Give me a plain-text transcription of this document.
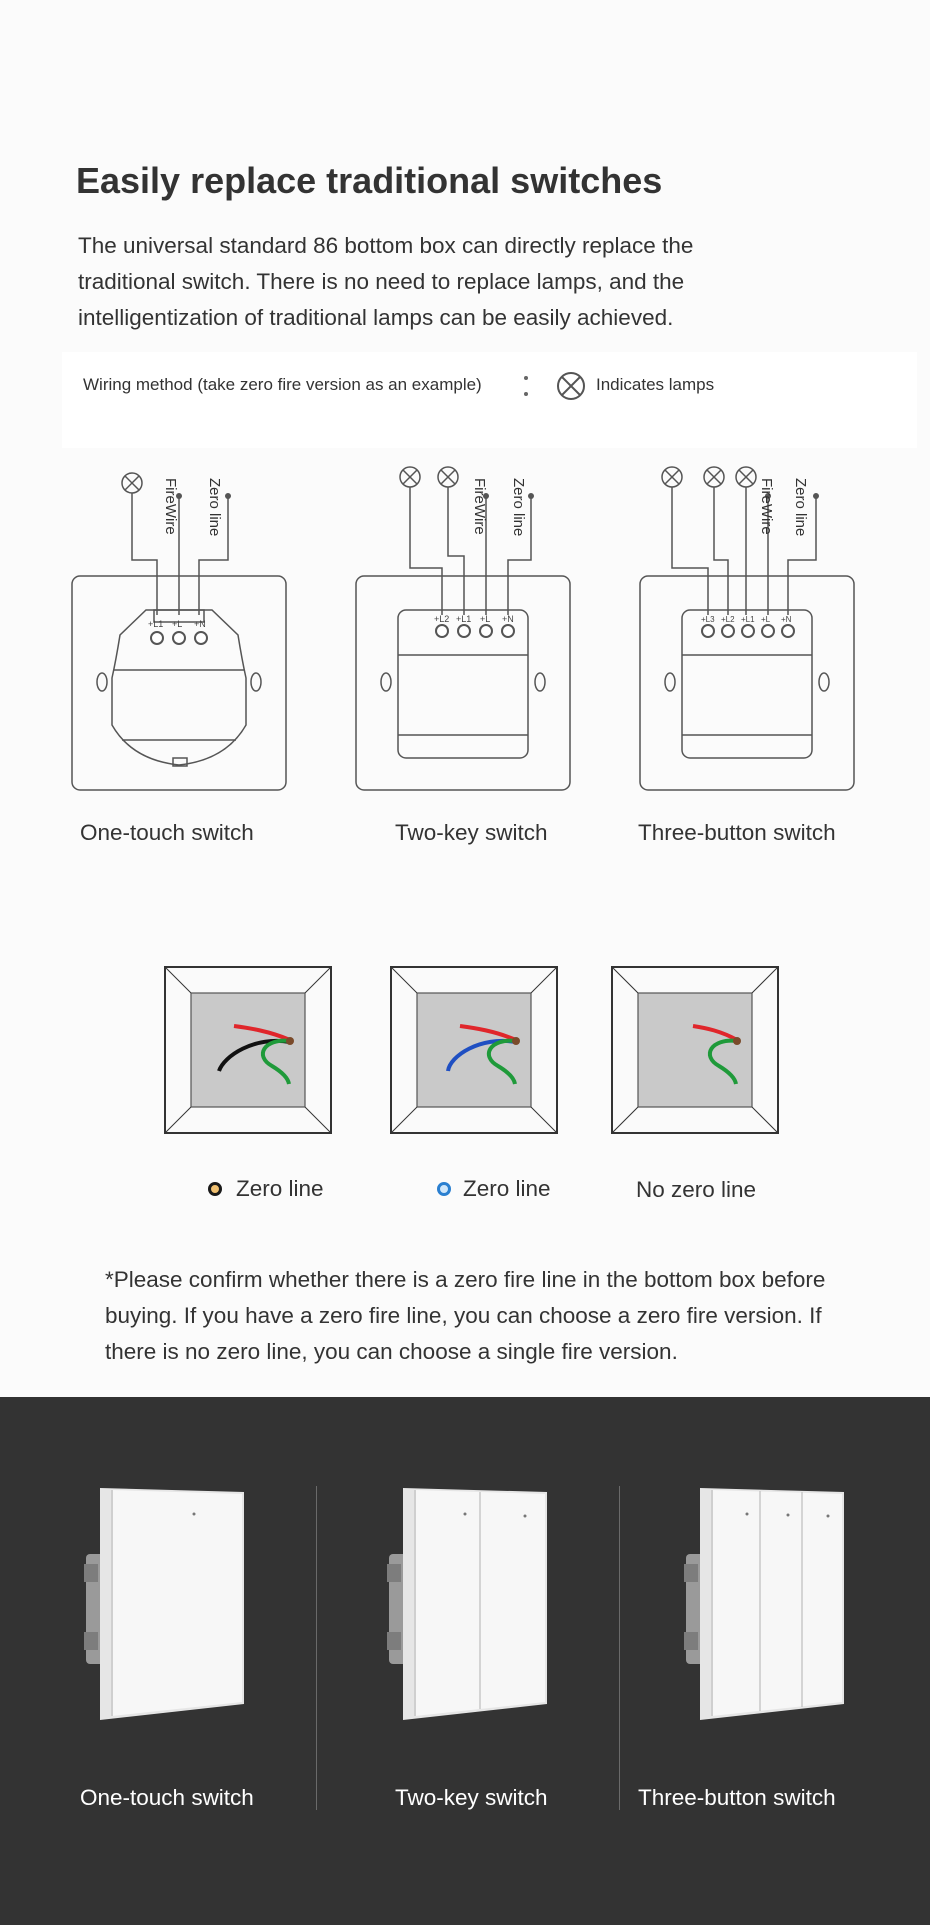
Easily replace traditional switches
The universal standard 86 bottom box can directly replace the traditional switch. There is no need to replace lamps, and the intelligentization of traditional lamps can be easily achieved.
Wiring method (take zero fire version as an example)	Indicates lamps
FireWire Zero line
+L1 +L +N
One-touch switch
FireWire Zero line
+L2 +L1 +L +N
Two-key switch
FireWire Zero line
+L3 +L2 +L1 +L +N
Three-button switch
Zero line	Zero line	No zero line
*Please confirm whether there is a zero fire line in the bottom box before buying. If you have a zero fire line, you can choose a zero fire version. If there is no zero line, you can choose a single fire version.
One-touch switch	Two-key switch	Three-button switch
